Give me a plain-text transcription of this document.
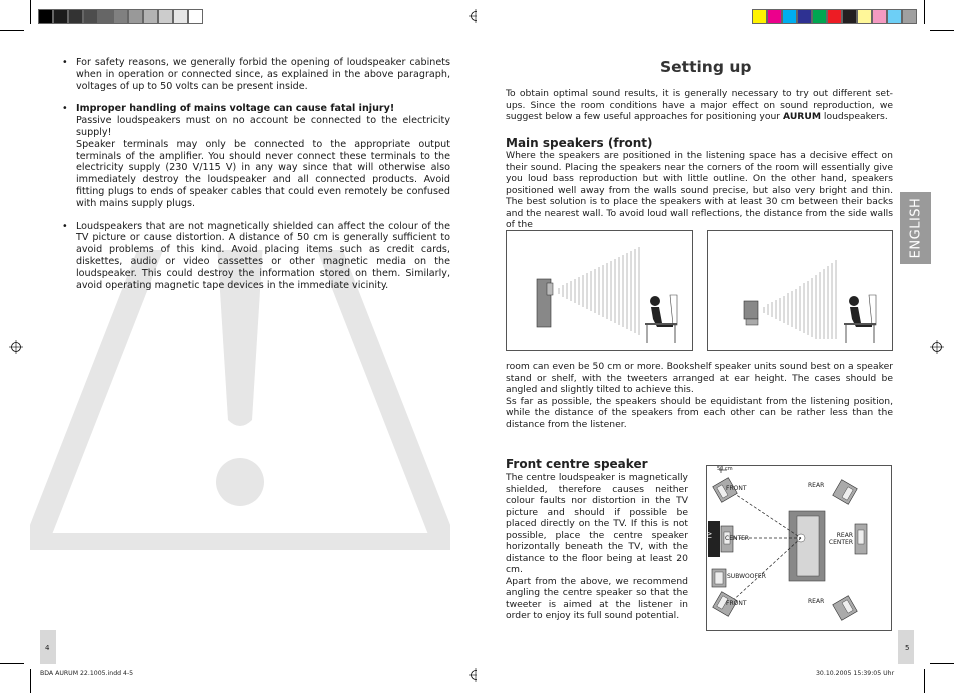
• For safety reasons, we generally forbid the opening of loudspeaker cabinets when in operation or connected since, as explained in the above paragraph, voltages of up to 50 volts can be present inside.

• Improper handling of mains voltage can cause fatal injury!

Passive loudspeakers must on no account be connected to the electricity supply!

Speaker terminals may only be connected to the appropriate output terminals of the amplifier. You should never connect these terminals to the electricity supply (230 V/115 V) in any way since that will otherwise also immediately destroy the loudspeaker and all connected products. Avoid fitting plugs to ends of speaker cables that could even remotely be confused with mains supply plugs.

• Loudspeakers that are not magnetically shielded can affect the colour of the TV picture or cause distortion. A distance of 50 cm is generally sufficient to avoid problems of this kind. Avoid placing items such as credit cards, diskettes, audio or video cassettes or other magnetic media on the loudspeaker. This could destroy the information stored on them. Similarly, avoid operating magnetic tape devices in the immediate vicinity.

4
BDA AURUM 22.1005.indd 4-5
Setting up
To obtain optimal sound results, it is generally necessary to try out different set-ups. Since the room conditions have a major effect on sound reproduction, we suggest below a few useful approaches for positioning your AURUM loudspeakers.
Main speakers (front)
Where the speakers are positioned in the listening space has a decisive effect on their sound. Placing the speakers near the corners of the room will essentially give you loud bass reproduction but with little outline. On the other hand, speakers positioned well away from the walls sound precise, but also very bright and thin. The best solution is to place the speakers with at least 30 cm between their backs and the nearest wall. To avoid loud wall reflections, the distance from the side walls of the

room can even be 50 cm or more. Bookshelf speaker units sound best on a speaker stand or shelf, with the tweeters arranged at ear height. The cases should be angled and slightly tilted to achieve this.

Ss far as possible, the speakers should be equidistant from the listening position, while the distance of the speakers from each other can be rather less than the distance from the listener.

Front centre speaker

The centre loudspeaker is magnetically shielded, therefore causes neither colour faults nor distortion in the TV picture and should if possible be placed directly on the TV. If this is not possible, place the centre speaker horizontally beneath the TV, with the distance to the floor being at least 20 cm.

Apart from the above, we recommend angling the centre speaker so that the tweeter is aimed at the listener in order to enjoy its full sound potential.

50 cm
FRONT	REAR
TV CENTER	REAR CENTER
SUBWOOFER
FRONT	REAR
ENGLISH
5
30.10.2005 15:39:05 Uhr
